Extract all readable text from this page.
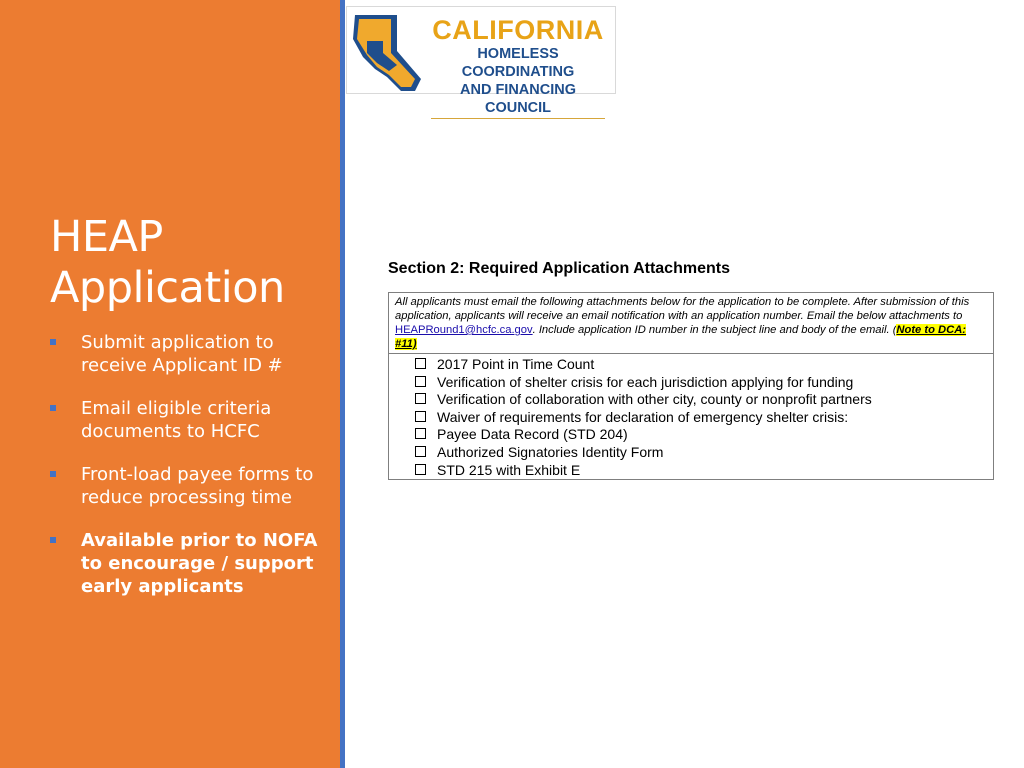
HEAP
Application
Submit application to receive Applicant ID #
Email eligible criteria documents to HCFC
Front-load payee forms to reduce processing time
Available prior to NOFA to encourage / support early applicants
CALIFORNIA
HOMELESS COORDINATING
AND FINANCING COUNCIL
Section 2: Required Application Attachments
All applicants must email the following attachments below for the application to be complete. After submission of this application, applicants will receive an email notification with an application number. Email the below attachments to HEAPRound1@hcfc.ca.gov. Include application ID number in the subject line and body of the email. (Note to DCA: #11)
2017 Point in Time Count
Verification of shelter crisis for each jurisdiction applying for funding
Verification of collaboration with other city, county or nonprofit partners
Waiver of requirements for declaration of emergency shelter crisis:
Payee Data Record (STD 204)
Authorized Signatories Identity Form
STD 215 with Exhibit E
